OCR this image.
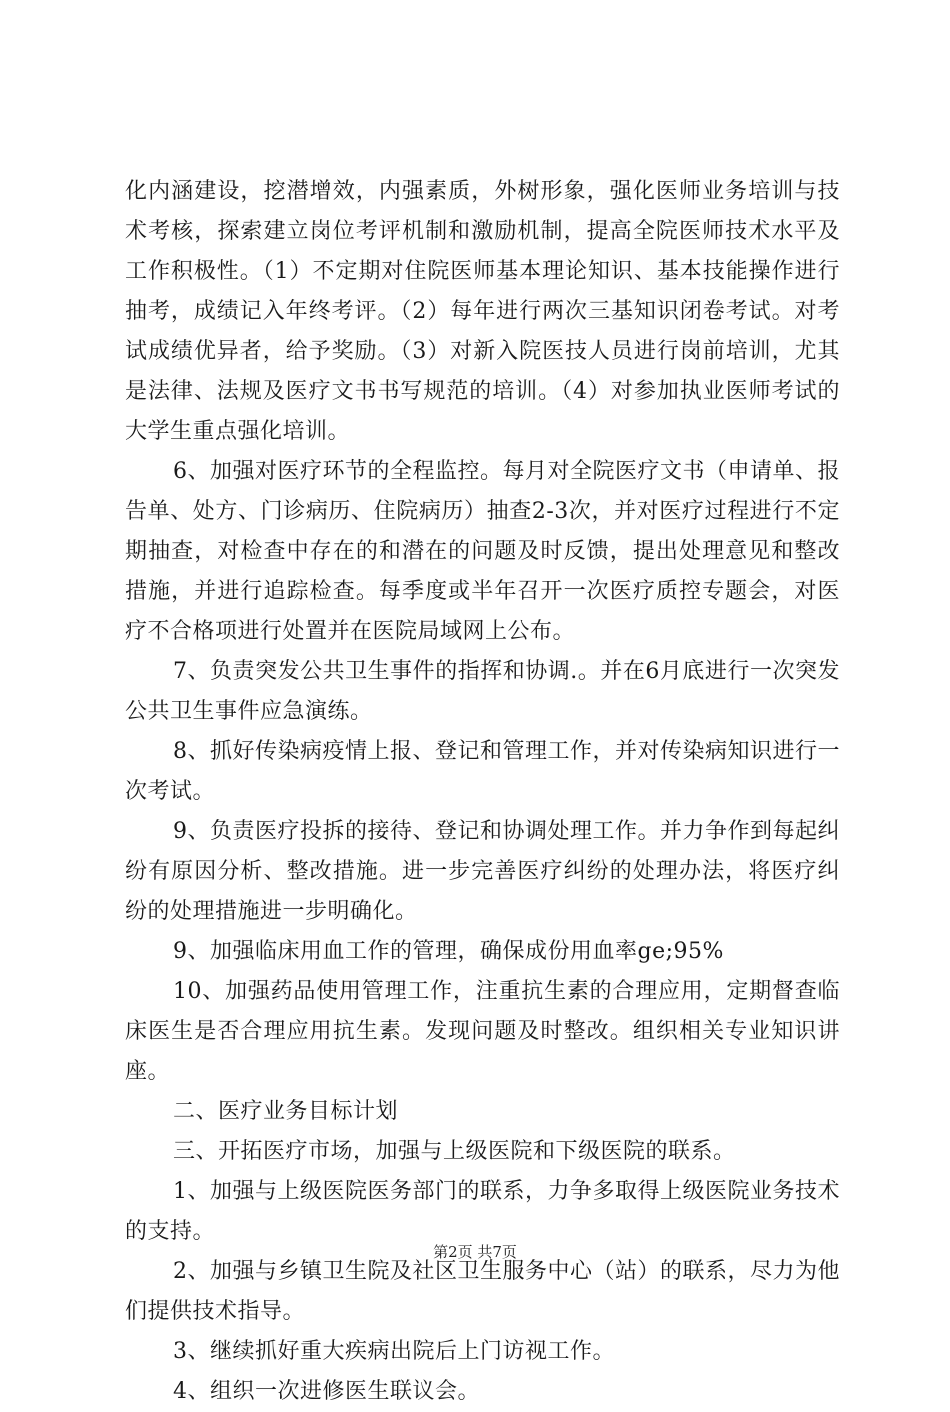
化内涵建设，挖潜增效，内强素质，外树形象，强化医师业务培训与技术考核，探索建立岗位考评机制和激励机制，提高全院医师技术水平及工作积极性。（1）不定期对住院医师基本理论知识、基本技能操作进行抽考，成绩记入年终考评。（2）每年进行两次三基知识闭卷考试。对考试成绩优异者，给予奖励。（3）对新入院医技人员进行岗前培训，尤其是法律、法规及医疗文书书写规范的培训。（4）对参加执业医师考试的大学生重点强化培训。

6、加强对医疗环节的全程监控。每月对全院医疗文书（申请单、报告单、处方、门诊病历、住院病历）抽查2-3次，并对医疗过程进行不定期抽查，对检查中存在的和潜在的问题及时反馈，提出处理意见和整改措施，并进行追踪检查。每季度或半年召开一次医疗质控专题会，对医疗不合格项进行处置并在医院局域网上公布。

7、负责突发公共卫生事件的指挥和协调.。并在6月底进行一次突发公共卫生事件应急演练。

8、抓好传染病疫情上报、登记和管理工作，并对传染病知识进行一次考试。

9、负责医疗投拆的接待、登记和协调处理工作。并力争作到每起纠纷有原因分析、整改措施。进一步完善医疗纠纷的处理办法，将医疗纠纷的处理措施进一步明确化。

9、加强临床用血工作的管理，确保成份用血率ge;95%

10、加强药品使用管理工作，注重抗生素的合理应用，定期督查临床医生是否合理应用抗生素。发现问题及时整改。组织相关专业知识讲座。

二、医疗业务目标计划

三、开拓医疗市场，加强与上级医院和下级医院的联系。

1、加强与上级医院医务部门的联系，力争多取得上级医院业务技术的支持。

2、加强与乡镇卫生院及社区卫生服务中心（站）的联系，尽力为他们提供技术指导。

3、继续抓好重大疾病出院后上门访视工作。

4、组织一次进修医生联议会。

第2页 共7页
